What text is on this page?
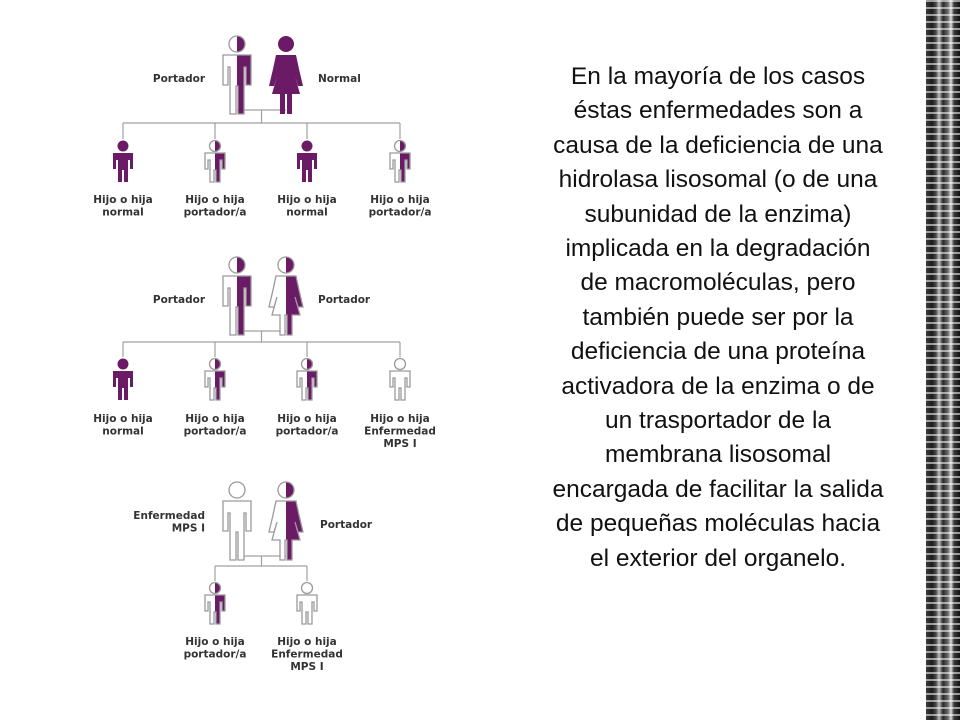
Portador	Normal
Hijo o hija normal
Hijo o hija portador/a
Hijo o hija normal
Hijo o hija portador/a
Portador	Portador
Hijo o hija normal
Hijo o hija portador/a
Hijo o hija portador/a
Hijo o hija Enfermedad MPS I
Enfermedad MPS I	Portador
Hijo o hija portador/a
Hijo o hija Enfermedad MPS I

En la mayoría de los casos
éstas enfermedades son a
causa de la deficiencia de una
hidrolasa lisosomal (o de una
subunidad de la enzima)
implicada en la degradación
de macromoléculas, pero
también puede ser por la
deficiencia de una proteína
activadora de la enzima o de
un trasportador de la
membrana lisosomal
encargada de facilitar la salida
de pequeñas moléculas hacia
el exterior del organelo.
